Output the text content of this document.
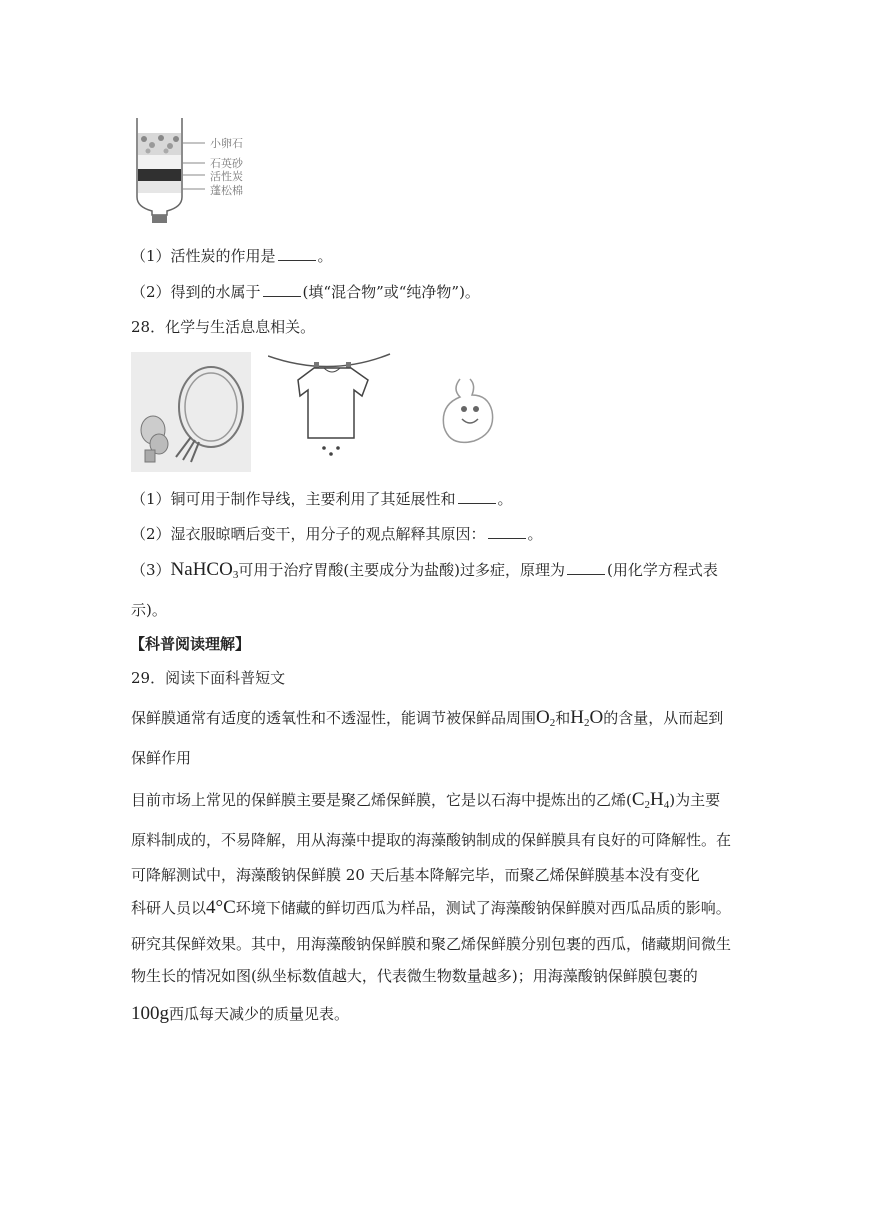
小卵石
石英砂
活性炭
蓬松棉
（1）活性炭的作用是	。
（2）得到的水属于	(填“混合物”或“纯净物”)。
28．化学与生活息息相关。
（1）铜可用于制作导线，主要利用了其延展性和	。
（2）湿衣服晾晒后变干，用分子的观点解释其原因：	。
（3）NaHCO$_3$可用于治疗胃酸(主要成分为盐酸)过多症，原理为	(用化学方程式表
示)。
【科普阅读理解】
29．阅读下面科普短文
保鲜膜通常有适度的透氧性和不透湿性，能调节被保鲜品周围$O_2$和$H_2O$的含量，从而起到
保鲜作用
目前市场上常见的保鲜膜主要是聚乙烯保鲜膜，它是以石海中提炼出的乙烯$(C_2H_4)$为主要
原料制成的，不易降解，用从海藻中提取的海藻酸钠制成的保鲜膜具有良好的可降解性。在
可降解测试中，海藻酸钠保鲜膜 20 天后基本降解完毕，而聚乙烯保鲜膜基本没有变化
科研人员以4°C环境下储藏的鲜切西瓜为样品，测试了海藻酸钠保鲜膜对西瓜品质的影响。
研究其保鲜效果。其中，用海藻酸钠保鲜膜和聚乙烯保鲜膜分别包裹的西瓜，储藏期间微生
物生长的情况如图(纵坐标数值越大，代表微生物数量越多)；用海藻酸钠保鲜膜包裹的
100g西瓜每天减少的质量见表。
